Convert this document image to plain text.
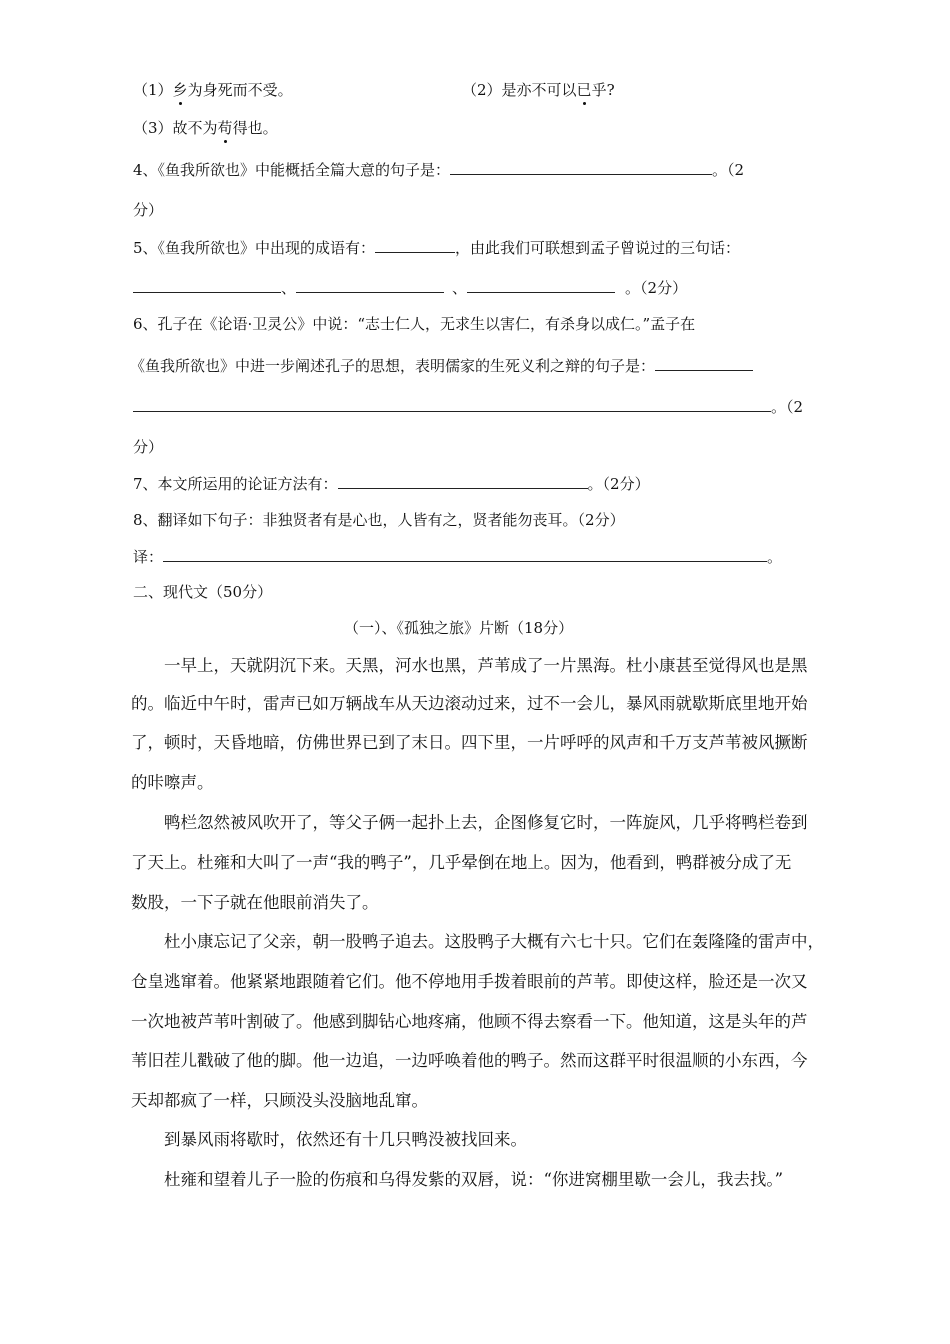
（1）乡为身死而不受。	（2）是亦不可以已乎?
（3）故不为苟得也。
4、《鱼我所欲也》中能概括全篇大意的句子是：	。（2
分）
5、《鱼我所欲也》中出现的成语有：	，由此我们可联想到孟子曾说过的三句话：
、	、	。（2分）
6、孔子在《论语·卫灵公》中说：“志士仁人，无求生以害仁，有杀身以成仁。”孟子在
《鱼我所欲也》中进一步阐述孔子的思想，表明儒家的生死义利之辩的句子是：
。（2
分）
7、本文所运用的论证方法有：	。（2分）
8、翻译如下句子：非独贤者有是心也，人皆有之，贤者能勿丧耳。（2分）
译：	。
二、现代文（50分）
（一）、《孤独之旅》片断（18分）
一早上，天就阴沉下来。天黑，河水也黑，芦苇成了一片黑海。杜小康甚至觉得风也是黑
的。临近中午时，雷声已如万辆战车从天边滚动过来，过不一会儿，暴风雨就歇斯底里地开始
了，顿时，天昏地暗，仿佛世界已到了末日。四下里，一片呼呼的风声和千万支芦苇被风撅断
的咔嚓声。
鸭栏忽然被风吹开了，等父子俩一起扑上去，企图修复它时，一阵旋风，几乎将鸭栏卷到
了天上。杜雍和大叫了一声“我的鸭子”，几乎晕倒在地上。因为，他看到，鸭群被分成了无
数股，一下子就在他眼前消失了。
杜小康忘记了父亲，朝一股鸭子追去。这股鸭子大概有六七十只。它们在轰隆隆的雷声中，
仓皇逃窜着。他紧紧地跟随着它们。他不停地用手拨着眼前的芦苇。即使这样，脸还是一次又
一次地被芦苇叶割破了。他感到脚钻心地疼痛，他顾不得去察看一下。他知道，这是头年的芦
苇旧茬儿戳破了他的脚。他一边追，一边呼唤着他的鸭子。然而这群平时很温顺的小东西，今
天却都疯了一样，只顾没头没脑地乱窜。
到暴风雨将歇时，依然还有十几只鸭没被找回来。
杜雍和望着儿子一脸的伤痕和乌得发紫的双唇，说：“你进窝棚里歇一会儿，我去找。”
